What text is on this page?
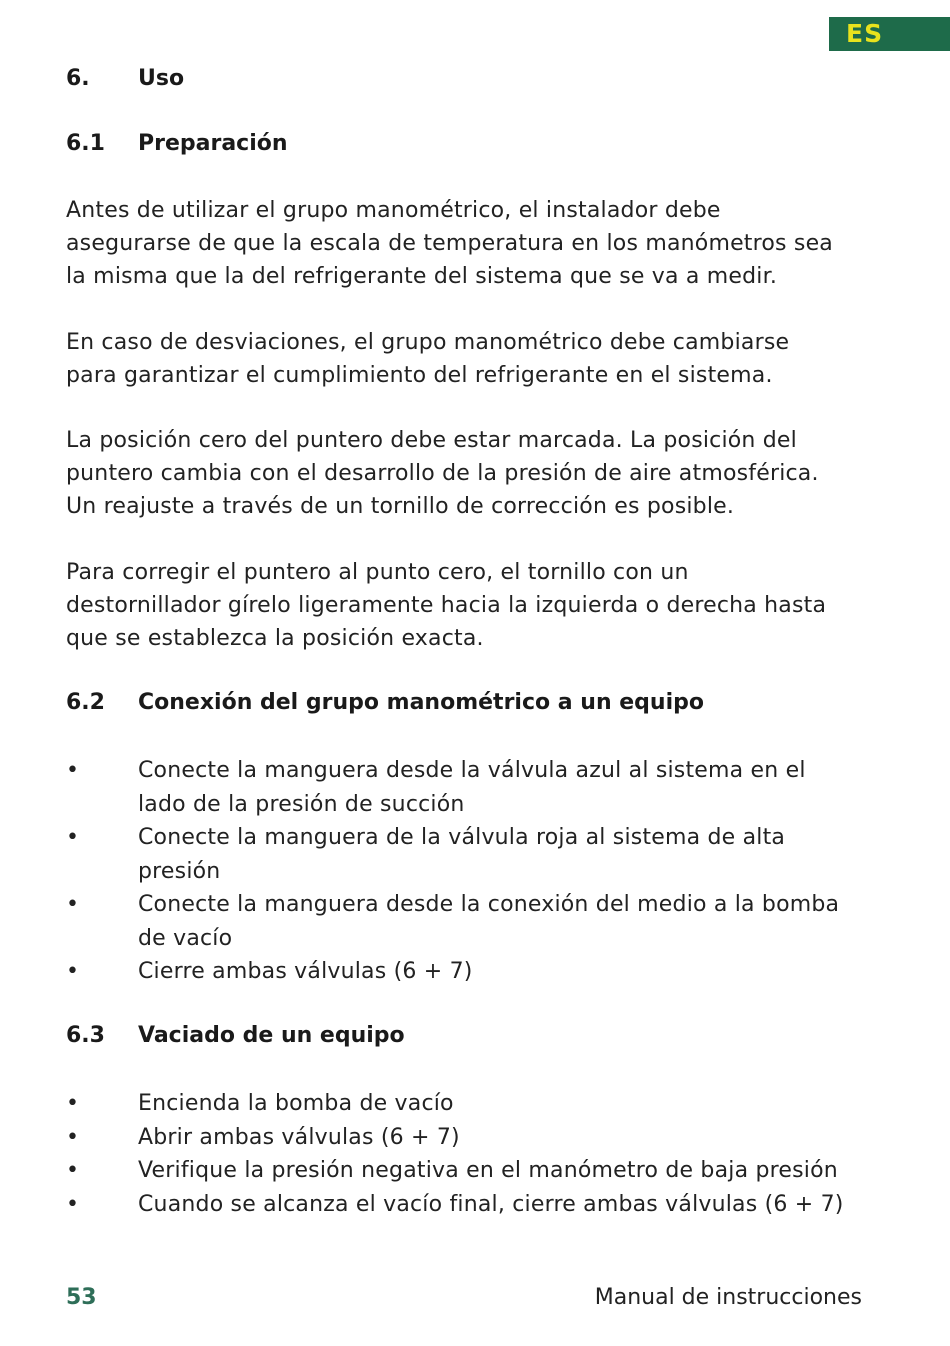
ES
6. Uso
6.1 Preparación

Antes de utilizar el grupo manométrico, el instalador debe

asegurarse de que la escala de temperatura en los manómetros sea

la misma que la del refrigerante del sistema que se va a medir.

En caso de desviaciones, el grupo manométrico debe cambiarse

para garantizar el cumplimiento del refrigerante en el sistema.

La posición cero del puntero debe estar marcada. La posición del

puntero cambia con el desarrollo de la presión de aire atmosférica.

Un reajuste a través de un tornillo de corrección es posible.

Para corregir el puntero al punto cero, el tornillo con un

destornillador gírelo ligeramente hacia la izquierda o derecha hasta

que se establezca la posición exacta.

6.2 Conexión del grupo manométrico a un equipo
•	Conecte la manguera desde la válvula azul al sistema en el
lado de la presión de succión
•	Conecte la manguera de la válvula roja al sistema de alta
presión
•	Conecte la manguera desde la conexión del medio a la bomba
de vacío
•	Cierre ambas válvulas (6 + 7)
6.3 Vaciado de un equipo
•	Encienda la bomba de vacío
•	Abrir ambas válvulas (6 + 7)
•	Verifique la presión negativa en el manómetro de baja presión
•	Cuando se alcanza el vacío final, cierre ambas válvulas (6 + 7)
53	Manual de instrucciones
